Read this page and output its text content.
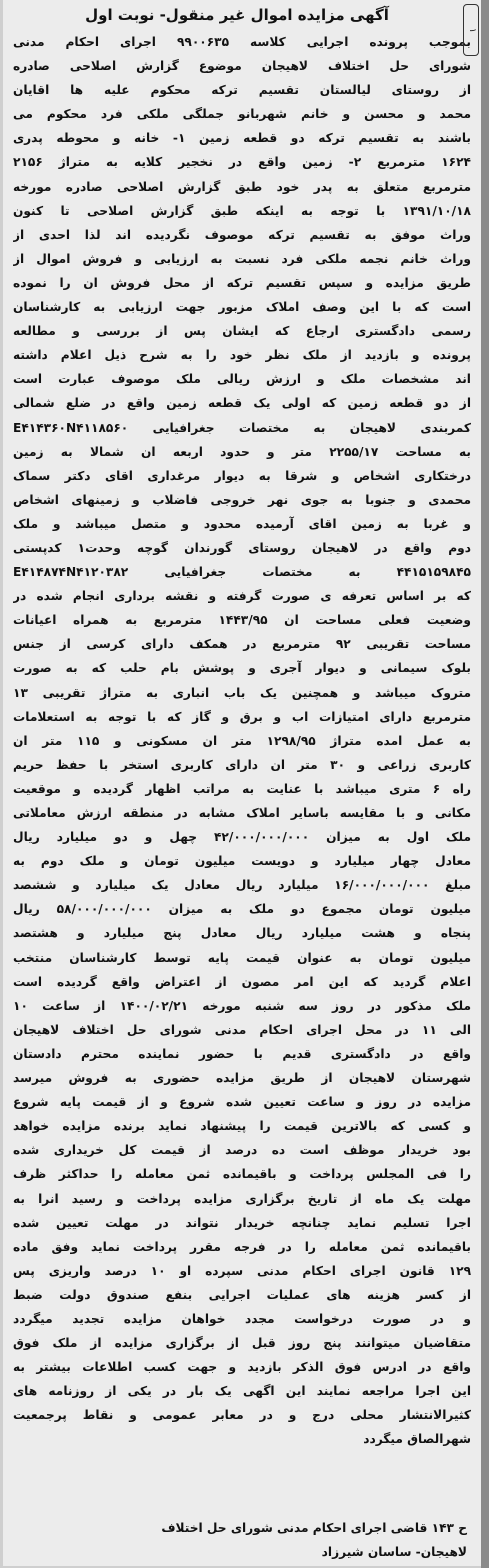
آگهی مزایده اموال غیر منقول- نوبت اول
بموجب پرونده اجرایی کلاسه ۹۹۰۰۶۳۵ اجرای احکام مدنی
شورای حل اختلاف لاهیجان موضوع گزارش اصلاحی صادره
از روستای لیالستان تقسیم ترکه محکوم علیه ها اقایان
محمد و محسن و خانم شهربانو جملگی ملکی فرد محکوم می
باشند به تقسیم ترکه دو قطعه زمین ۱- خانه و محوطه پدری
۱۶۲۴ مترمربع ۲- زمین واقع در نخجیر کلایه به متراژ ۲۱۵۶
مترمربع متعلق به پدر خود طبق گزارش اصلاحی صادره مورخه
۱۳۹۱/۱۰/۱۸ با توجه به اینکه طبق گزارش اصلاحی تا کنون
وراث موفق به تقسیم ترکه موصوف نگردیده اند لذا احدی از
وراث خانم نجمه ملکی فرد نسبت به ارزیابی و فروش اموال از
طریق مزایده و سپس تقسیم ترکه از محل فروش ان را نموده
است که با این وصف املاک مزبور جهت ارزیابی به کارشناسان
رسمی دادگستری ارجاع که ایشان پس از بررسی و مطالعه
پرونده و بازدید از ملک نظر خود را به شرح ذیل اعلام داشته
اند مشخصات ملک و ارزش ریالی ملک موصوف عبارت است
از دو قطعه زمین که اولی یک قطعه زمین واقع در ضلع شمالی
کمربندی لاهیجان به مختصات جغرافیایی E۴۱۴۳۶۰N۴۱۱۸۵۶۰
به مساحت ۲۲۵۵/۱۷ متر و حدود اربعه ان شمالا به زمین
درختکاری اشخاص و شرقا به دیوار مرغداری اقای دکتر سماک
محمدی و جنوبا به جوی نهر خروجی فاضلاب و زمینهای اشخاص
و غربا به زمین اقای آرمیده محدود و متصل میباشد و ملک
دوم واقع در لاهیجان روستای گورندان گوچه وحدت۱ کدپستی
۴۴۱۵۱۵۹۸۴۵ به مختصات جغرافیایی E۴۱۴۸۷۴N۴۱۲۰۳۸۲
که بر اساس تعرفه ی صورت گرفته و نقشه برداری انجام شده در
وضعیت فعلی مساحت ان ۱۴۴۳/۹۵ مترمربع به همراه اعیانات
مساحت تقریبی ۹۲ مترمربع در همکف دارای کرسی از جنس
بلوک سیمانی و دیوار آجری و پوشش بام حلب که به صورت
متروک میباشد و همچنین یک باب انباری به متراژ تقریبی ۱۳
مترمربع دارای امتیازات اب و برق و گاز که با توجه به استعلامات
به عمل امده متراژ ۱۲۹۸/۹۵ متر ان مسکونی و ۱۱۵ متر ان
کاربری زراعی و ۳۰ متر ان دارای کاربری استخر با حفظ حریم
راه ۶ متری میباشد با عنایت به مراتب اظهار گردیده و موقعیت
مکانی و با مقایسه باسایر املاک مشابه در منطقه ارزش معاملاتی
ملک اول به میزان ۴۲/۰۰۰/۰۰۰/۰۰۰ چهل و دو میلیارد ریال
معادل چهار میلیارد و دویست میلیون تومان و ملک دوم به
مبلغ ۱۶/۰۰۰/۰۰۰/۰۰۰ میلیارد ریال معادل یک میلیارد و ششصد
میلیون تومان مجموع دو ملک به میزان ۵۸/۰۰۰/۰۰۰/۰۰۰ ریال
پنجاه و هشت میلیارد ریال معادل پنج میلیارد و هشتصد
میلیون تومان به عنوان قیمت پایه توسط کارشناسان منتخب
اعلام گردید که این امر مصون از اعتراض واقع گردیده است
ملک مذکور در روز سه شنبه مورخه ۱۴۰۰/۰۲/۲۱ از ساعت ۱۰
الی ۱۱ در محل اجرای احکام مدنی شورای حل اختلاف لاهیجان
واقع در دادگستری قدیم با حضور نماینده محترم دادستان
شهرستان لاهیجان از طریق مزایده حضوری به فروش میرسد
مزایده در روز و ساعت تعیین شده شروع و از قیمت پایه شروع
و کسی که بالاترین قیمت را پیشنهاد نماید برنده مزایده خواهد
بود خریدار موظف است ده درصد از قیمت کل خریداری شده
را فی المجلس پرداخت و باقیمانده ثمن معامله را حداکثر ظرف
مهلت یک ماه از تاریخ برگزاری مزایده پرداخت و رسید انرا به
اجرا تسلیم نماید چنانچه خریدار نتواند در مهلت تعیین شده
باقیمانده ثمن معامله را در فرجه مقرر پرداخت نماید وفق ماده
۱۲۹ قانون اجرای احکام مدنی سپرده او ۱۰ درصد واریزی پس
از کسر هزینه های عملیات اجرایی بنفع صندوق دولت ضبط
و در صورت درخواست مجدد خواهان مزایده تجدید میگردد
متقاضیان میتوانند پنج روز قبل از برگزاری مزایده از ملک فوق
واقع در ادرس فوق الذکر بازدید و جهت کسب اطلاعات بیشتر به
این اجرا مراجعه نمایند این اگهی یک بار در یکی از روزنامه های
کثیرالانتشار محلی درج و در معابر عمومی و نقاط پرجمعیت
شهرالصاق میگردد
ح ۱۴۳ قاضی اجرای احکام مدنی شورای حل اختلاف
لاهیجان- ساسان شیرزاد
۱
